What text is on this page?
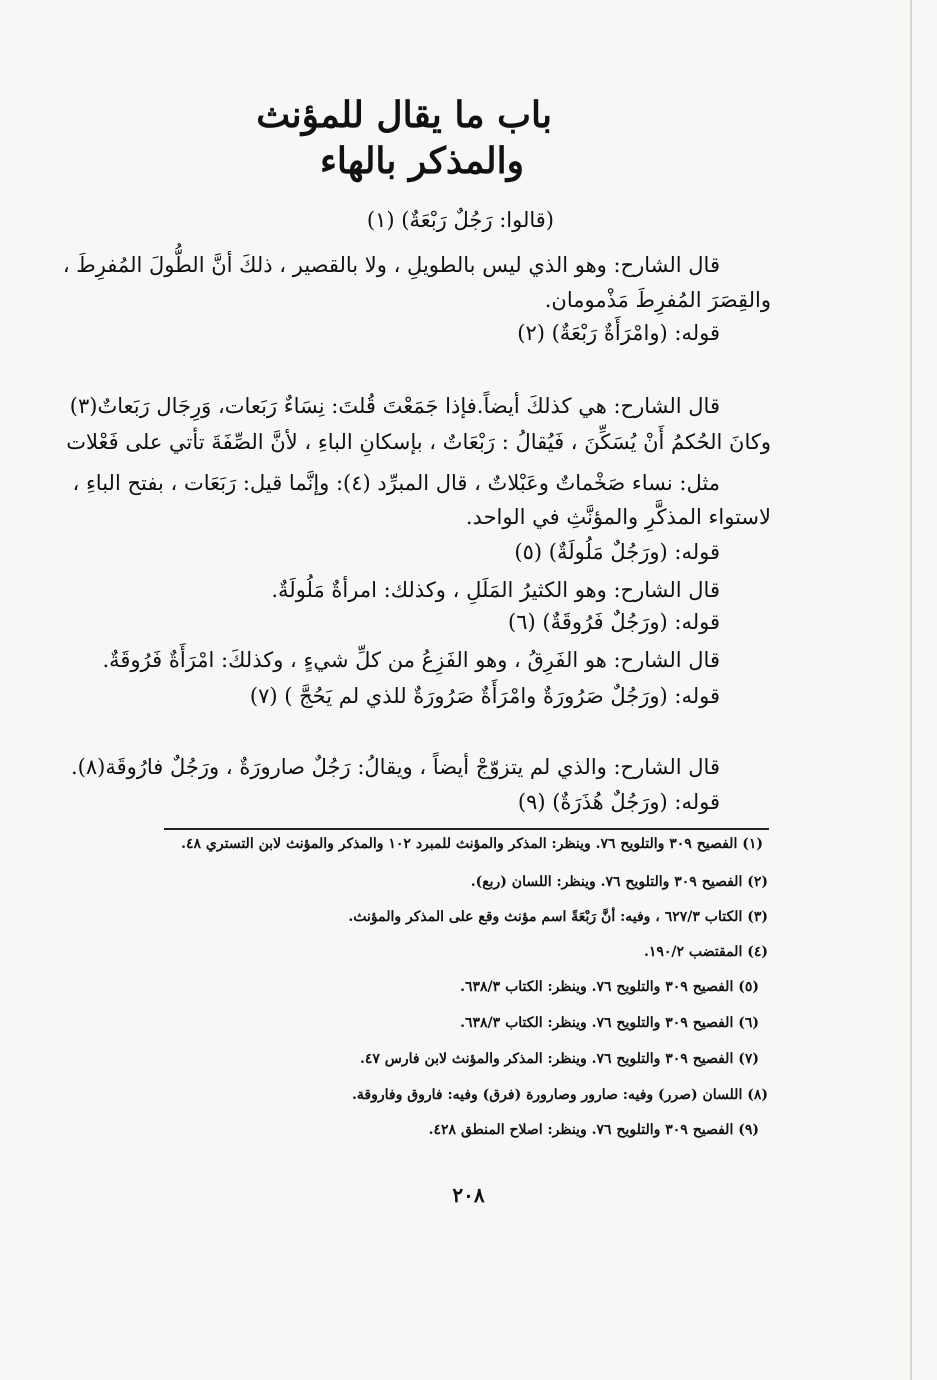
باب ما يقال للمؤنث
والمذكر بالهاء
(قالوا: رَجُلٌ رَبْعَةٌ) (١)
قال الشارح: وهو الذي ليس بالطويلِ ، ولا بالقصير ، ذلكَ أنَّ الطُّولَ المُفرِطَ ،
والقِصَرَ المُفرِطَ مَذْمومان.
قوله: (وامْرَأَةٌ رَبْعَةٌ) (٢)
قال الشارح: هي كذلكَ أيضاً.فإذا جَمَعْتَ قُلتَ: نِسَاءٌ رَبَعات، وَرِجَال رَبَعاتٌ(٣)
وكانَ الحُكمُ أَنْ يُسَكِّنَ ، فَيُقالُ : رَبْعَاتٌ ، بإسكانِ الباءِ ، لأنَّ الصِّفَةَ تأتي على فَعْلات
مثل: نساء صَخْماتٌ وعَبْلاتٌ ، قال المبرِّد (٤): وإنَّما قيل: رَبَعَات ، بفتح الباءِ ،
لاستواء المذكَّرِ والمؤنَّثِ في الواحد.
قوله: (ورَجُلٌ مَلُولَةٌ) (٥)
قال الشارح: وهو الكثيرُ المَلَلِ ، وكذلك: امرأةٌ مَلُولَةٌ.
قوله: (ورَجُلٌ فَرُوقَةٌ) (٦)
قال الشارح: هو الفَرِقُ ، وهو الفَزِعُ من كلِّ شيءٍ ، وكذلكَ: امْرَأَةٌ فَرُوقَةٌ.
قوله: (ورَجُلٌ صَرُورَةٌ وامْرَأَةٌ صَرُورَةٌ للذي لم يَحُجَّ ) (٧)
قال الشارح: والذي لم يتزوّجْ أيضاً ، ويقالُ: رَجُلٌ صارورَةٌ ، ورَجُلٌ فارُوقَة(٨).
قوله: (ورَجُلٌ هُذَرَةٌ) (٩)
(١) الفصيح ٣٠٩ والتلويح ٧٦. وينظر: المذكر والمؤنث للمبرد ١٠٢ والمذكر والمؤنث لابن التستري ٤٨.
(٢) الفصيح ٣٠٩ والتلويح ٧٦. وينظر: اللسان (ربع).
(٣) الكتاب ٦٢٧/٣ ، وفيه: أنَّ رَبْعَةً اسم مؤنث وقع على المذكر والمؤنث.
(٤) المقتضب ١٩٠/٢.
(٥) الفصيح ٣٠٩ والتلويح ٧٦. وينظر: الكتاب ٦٣٨/٣.
(٦) الفصيح ٣٠٩ والتلويح ٧٦. وينظر: الكتاب ٦٣٨/٣.
(٧) الفصيح ٣٠٩ والتلويح ٧٦. وينظر: المذكر والمؤنث لابن فارس ٤٧.
(٨) اللسان (صرر) وفيه: صارور وصارورة (فرق) وفيه: فاروق وفاروقة.
(٩) الفصيح ٣٠٩ والتلويح ٧٦. وينظر: اصلاح المنطق ٤٢٨.
٢٠٨
